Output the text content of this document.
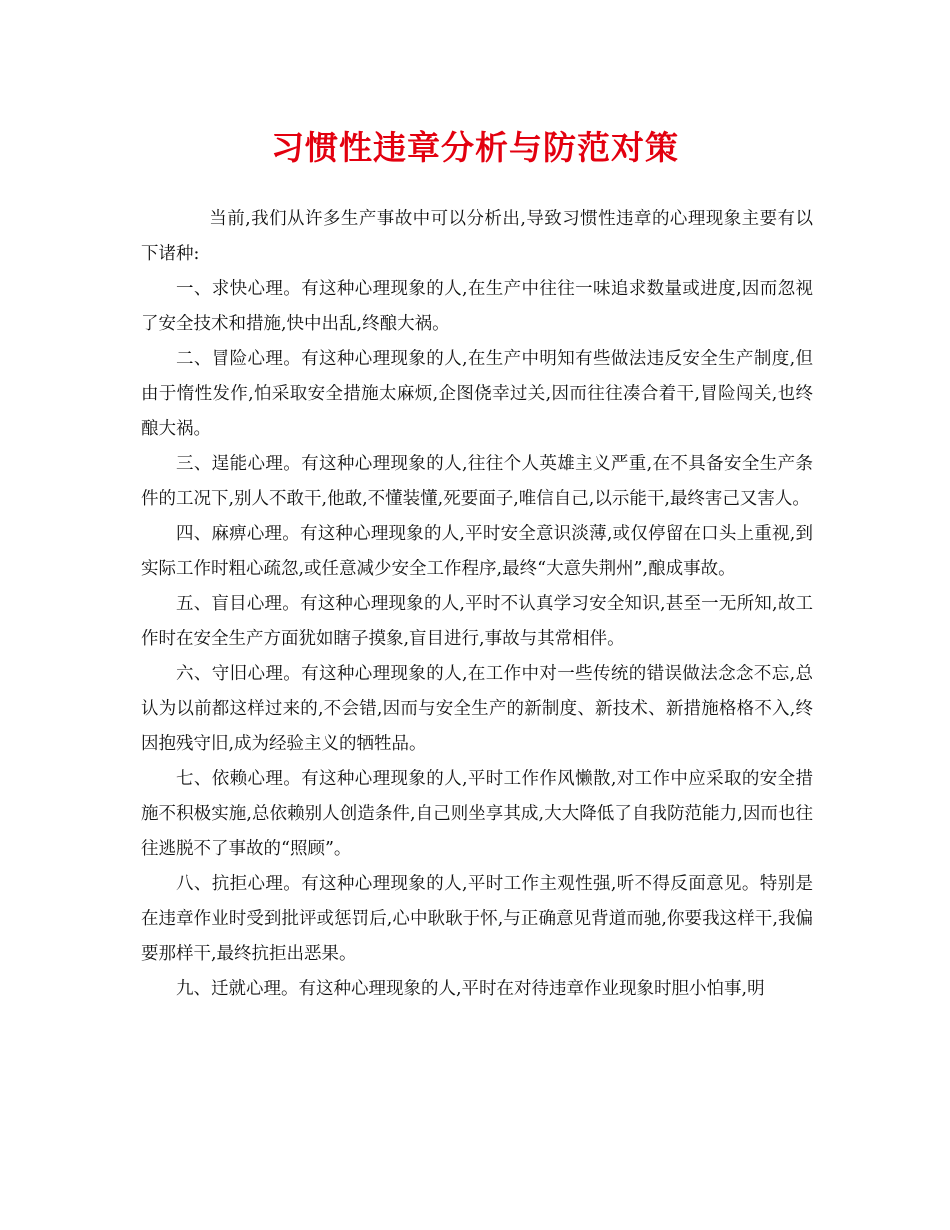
习惯性违章分析与防范对策

当前,我们从许多生产事故中可以分析出,导致习惯性违章的心理现象主要有以下诸种:

一、求快心理。有这种心理现象的人,在生产中往往一味追求数量或进度,因而忽视了安全技术和措施,快中出乱,终酿大祸。

二、冒险心理。有这种心理现象的人,在生产中明知有些做法违反安全生产制度,但由于惰性发作,怕采取安全措施太麻烦,企图侥幸过关,因而往往凑合着干,冒险闯关,也终酿大祸。

三、逞能心理。有这种心理现象的人,往往个人英雄主义严重,在不具备安全生产条件的工况下,别人不敢干,他敢,不懂装懂,死要面子,唯信自己,以示能干,最终害己又害人。

四、麻痹心理。有这种心理现象的人,平时安全意识淡薄,或仅停留在口头上重视,到实际工作时粗心疏忽,或任意减少安全工作程序,最终“大意失荆州”,酿成事故。

五、盲目心理。有这种心理现象的人,平时不认真学习安全知识,甚至一无所知,故工作时在安全生产方面犹如瞎子摸象,盲目进行,事故与其常相伴。

六、守旧心理。有这种心理现象的人,在工作中对一些传统的错误做法念念不忘,总认为以前都这样过来的,不会错,因而与安全生产的新制度、新技术、新措施格格不入,终因抱残守旧,成为经验主义的牺牲品。

七、依赖心理。有这种心理现象的人,平时工作作风懒散,对工作中应采取的安全措施不积极实施,总依赖别人创造条件,自己则坐享其成,大大降低了自我防范能力,因而也往往逃脱不了事故的“照顾”。

八、抗拒心理。有这种心理现象的人,平时工作主观性强,听不得反面意见。特别是在违章作业时受到批评或惩罚后,心中耿耿于怀,与正确意见背道而驰,你要我这样干,我偏要那样干,最终抗拒出恶果。

九、迁就心理。有这种心理现象的人,平时在对待违章作业现象时胆小怕事,明
